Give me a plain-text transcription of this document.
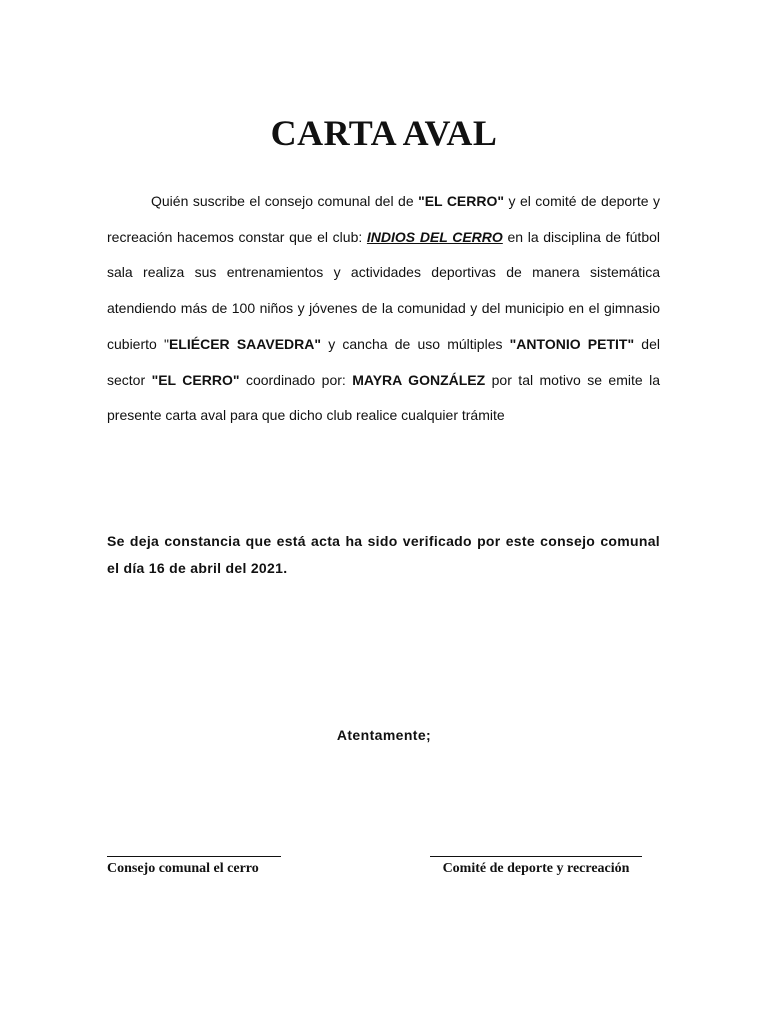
CARTA AVAL

Quién suscribe el consejo comunal del de "EL CERRO" y el comité de deporte y recreación hacemos constar que el club: INDIOS DEL CERRO en la disciplina de fútbol sala realiza sus entrenamientos y actividades deportivas de manera sistemática atendiendo más de 100 niños y jóvenes de la comunidad y del municipio en el gimnasio cubierto "ELIÉCER SAAVEDRA" y cancha de uso múltiples "ANTONIO PETIT" del sector "EL CERRO" coordinado por: MAYRA GONZÁLEZ por tal motivo se emite la presente carta aval para que dicho club realice cualquier trámite

Se deja constancia que está acta ha sido verificado por este consejo comunal el día 16 de abril del 2021.

Atentamente;
Consejo comunal el cerro	Comité de deporte y recreación
